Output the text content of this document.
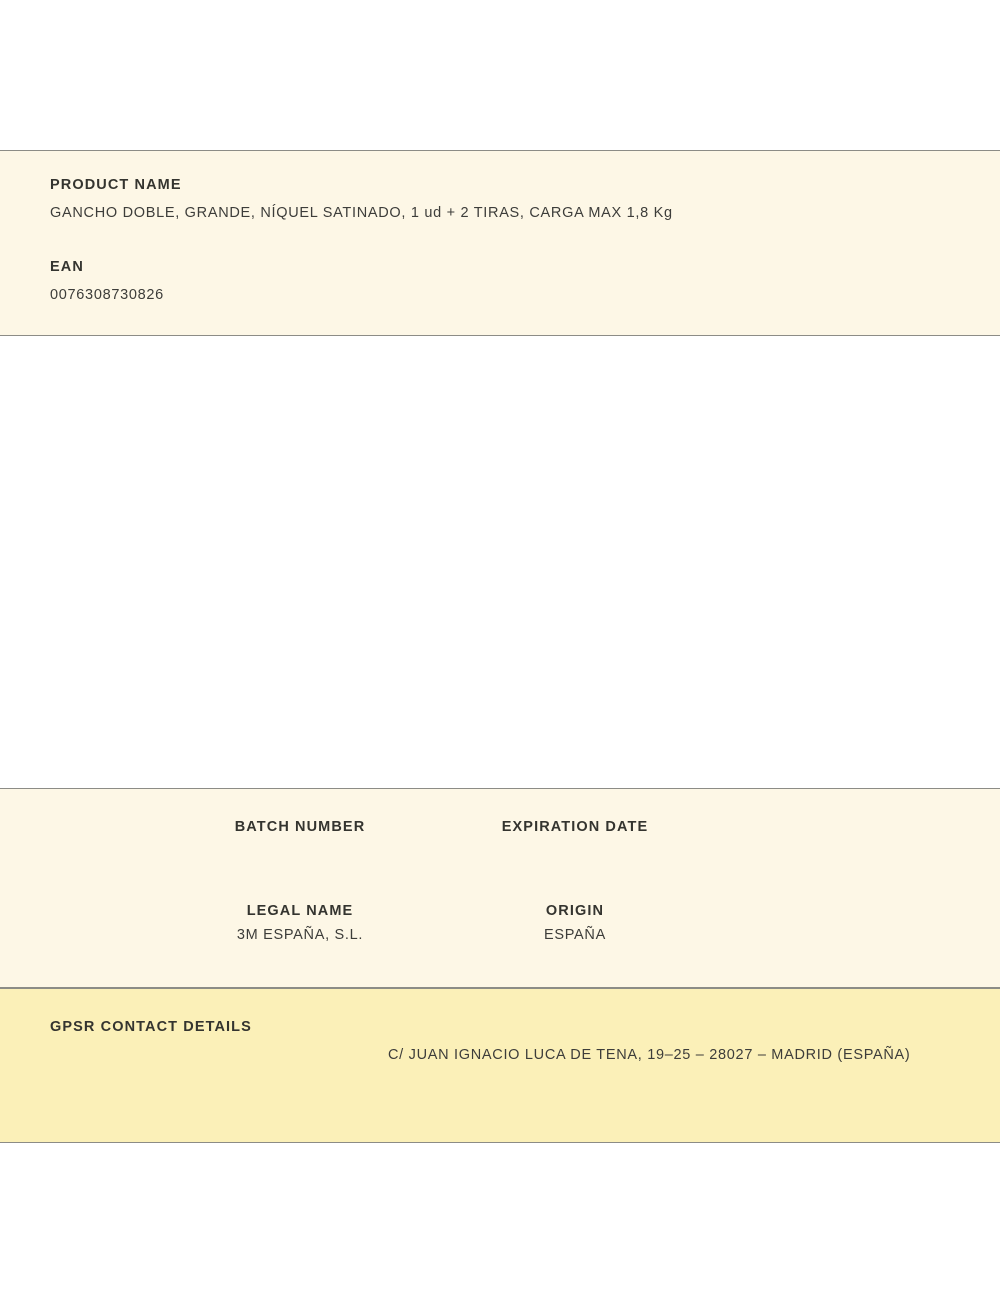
PRODUCT NAME

GANCHO DOBLE, GRANDE, NÍQUEL SATINADO, 1 ud + 2 TIRAS, CARGA MAX 1,8 Kg

EAN

0076308730826

BATCH NUMBER	EXPIRATION DATE

LEGAL NAME

3M ESPAÑA, S.L.

ORIGIN

ESPAÑA

GPSR CONTACT DETAILS

C/ JUAN IGNACIO LUCA DE TENA, 19–25 – 28027 – MADRID (ESPAÑA)
